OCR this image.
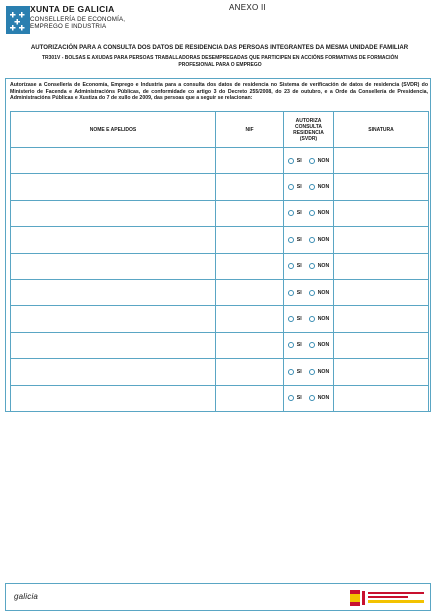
XUNTA DE GALICIA
CONSELLERÍA DE ECONOMÍA,
EMPREGO E INDUSTRIA
ANEXO II
AUTORIZACIÓN PARA A CONSULTA DOS DATOS DE RESIDENCIA DAS PERSOAS INTEGRANTES DA MESMA UNIDADE FAMILIAR
TR301V - BOLSAS E AXUDAS PARA PERSOAS TRABALLADORAS DESEMPREGADAS QUE PARTICIPEN EN ACCIÓNS FORMATIVAS DE FORMACIÓN
PROFESIONAL PARA O EMPREGO
Autorízase a Consellería de Economía, Emprego e Industria para a consulta dos datos de residencia no Sistema de verificación de datos de residencia (SVDR) do Ministerio de Facenda e Administracións Públicas, de conformidade co artigo 3 do Decreto 255/2008, do 23 de outubro, e a Orde da Consellería de Presidencia, Administracións Públicas e Xustiza do 7 de xullo de 2009, das persoas que a seguir se relacionan:
NOME E APELIDOS	NIF	AUTORIZA
CONSULTA
RESIDENCIA
(SVDR)	SINATURA

		SI NON	

		SI NON	

		SI NON	

		SI NON	

		SI NON	

		SI NON	

		SI NON	

		SI NON	

		SI NON	

		SI NON	

galicia
